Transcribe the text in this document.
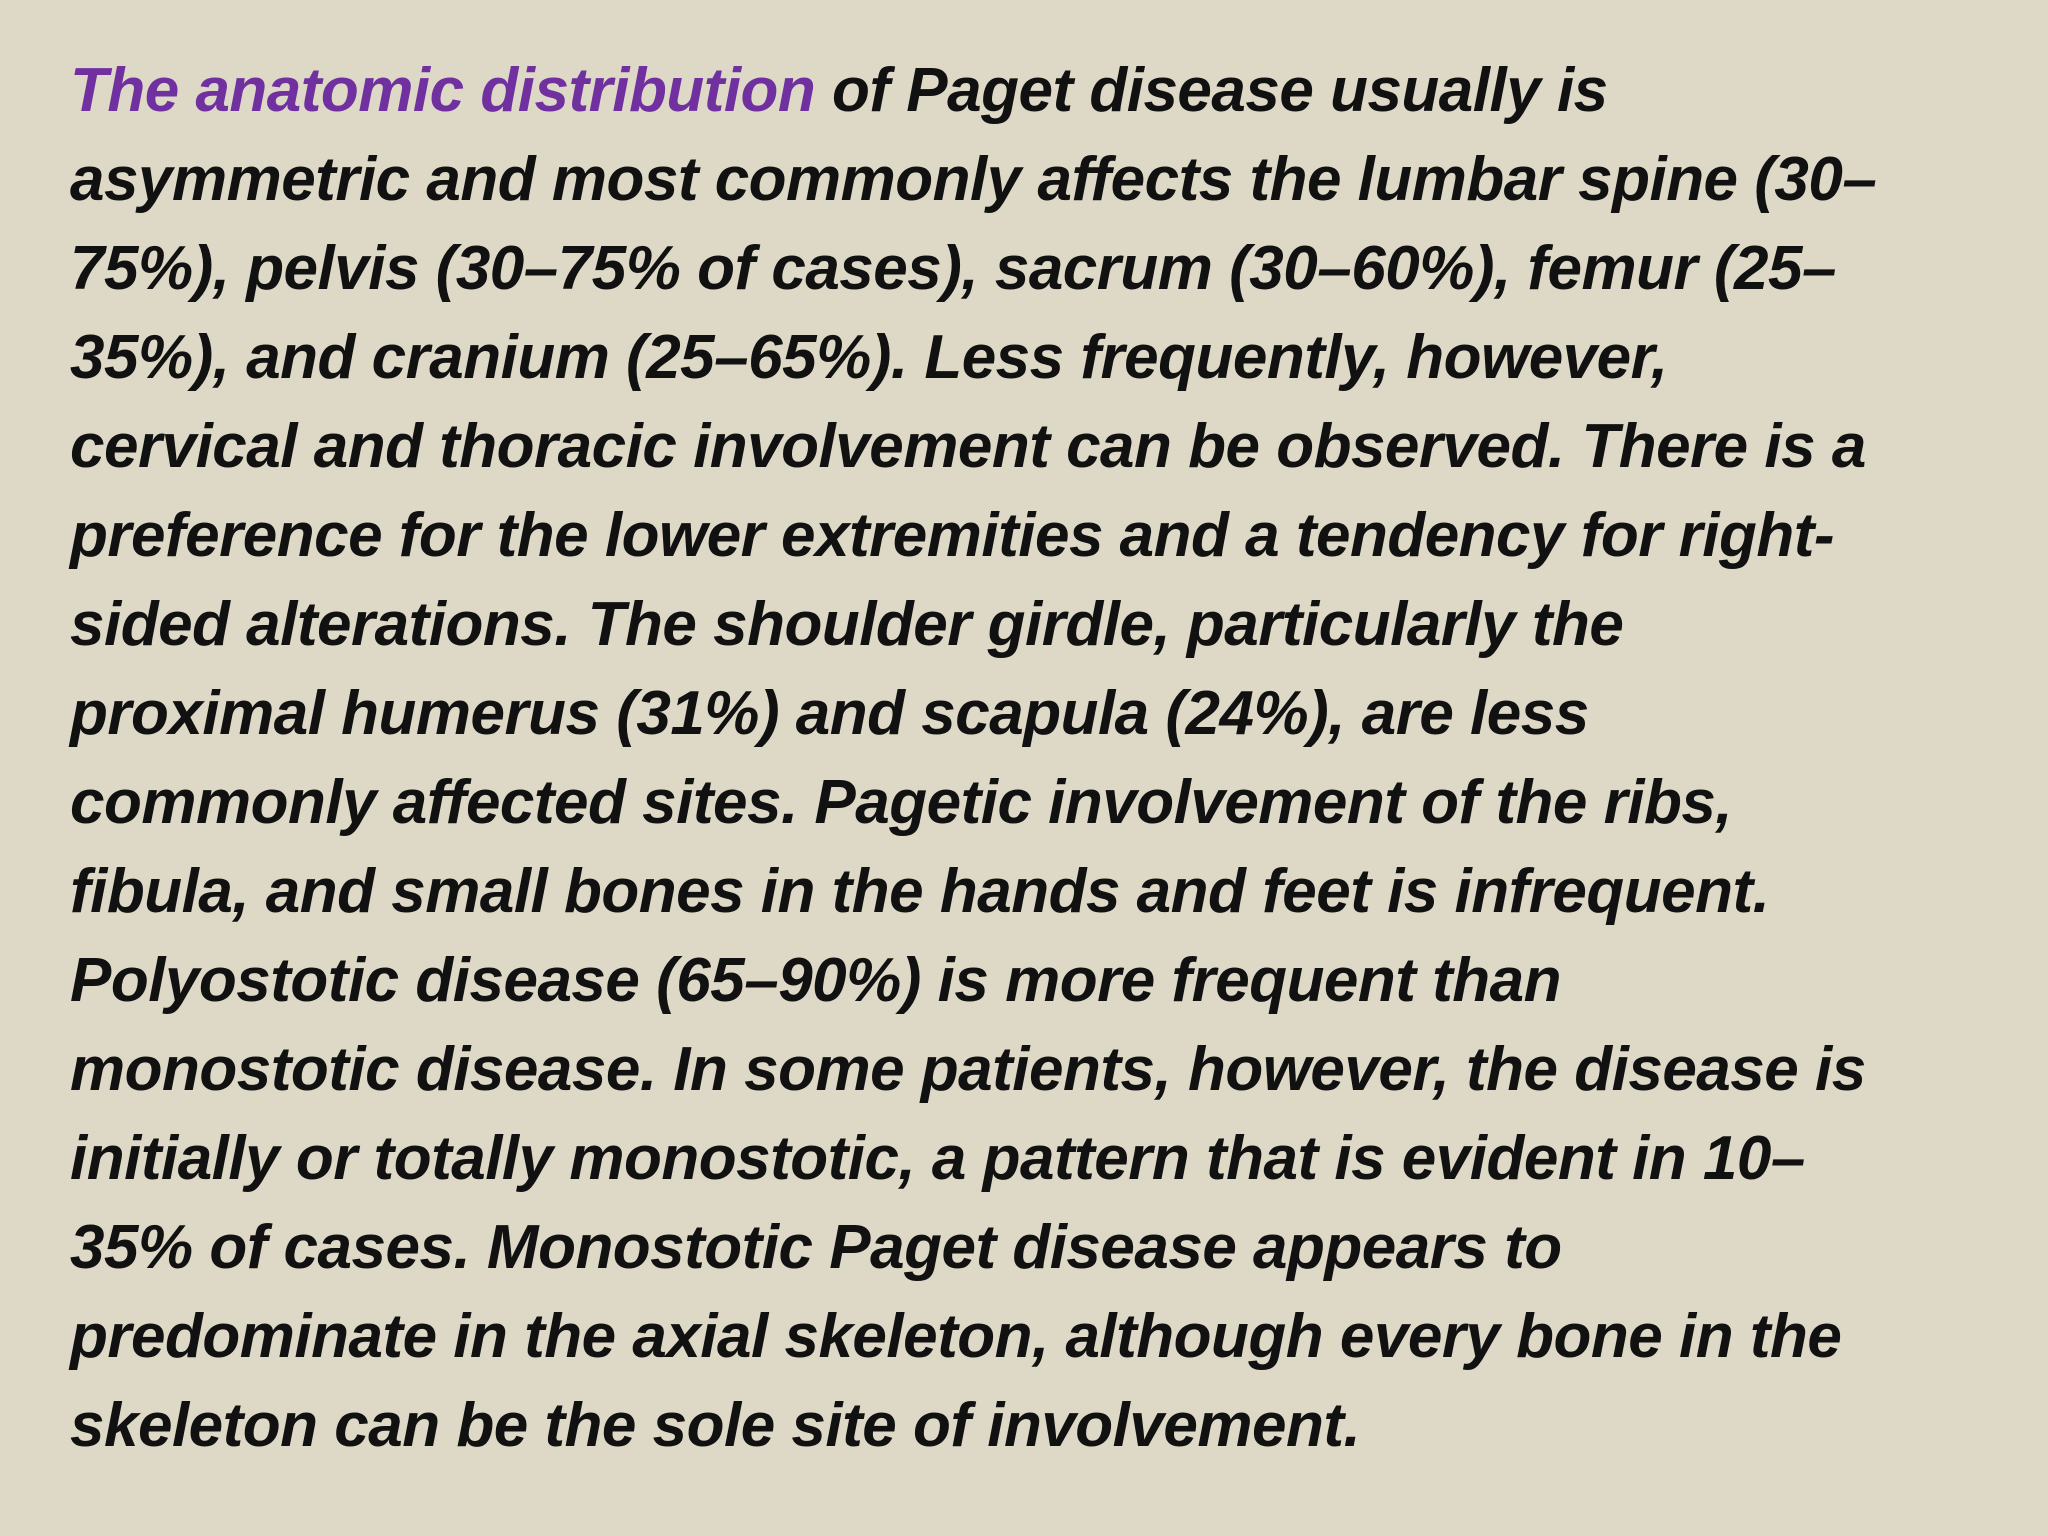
The anatomic distribution of Paget disease usually is
asymmetric and most commonly affects the lumbar spine (30–
75%), pelvis (30–75% of cases), sacrum (30–60%), femur (25–
35%), and cranium (25–65%). Less frequently, however,
cervical and thoracic involvement can be observed. There is a
preference for the lower extremities and a tendency for right-
sided alterations. The shoulder girdle, particularly the
proximal humerus (31%) and scapula (24%), are less
commonly affected sites. Pagetic involvement of the ribs,
fibula, and small bones in the hands and feet is infrequent.
Polyostotic disease (65–90%) is more frequent than
monostotic disease. In some patients, however, the disease is
initially or totally monostotic, a pattern that is evident in 10–
35% of cases. Monostotic Paget disease appears to
predominate in the axial skeleton, although every bone in the
skeleton can be the sole site of involvement.
